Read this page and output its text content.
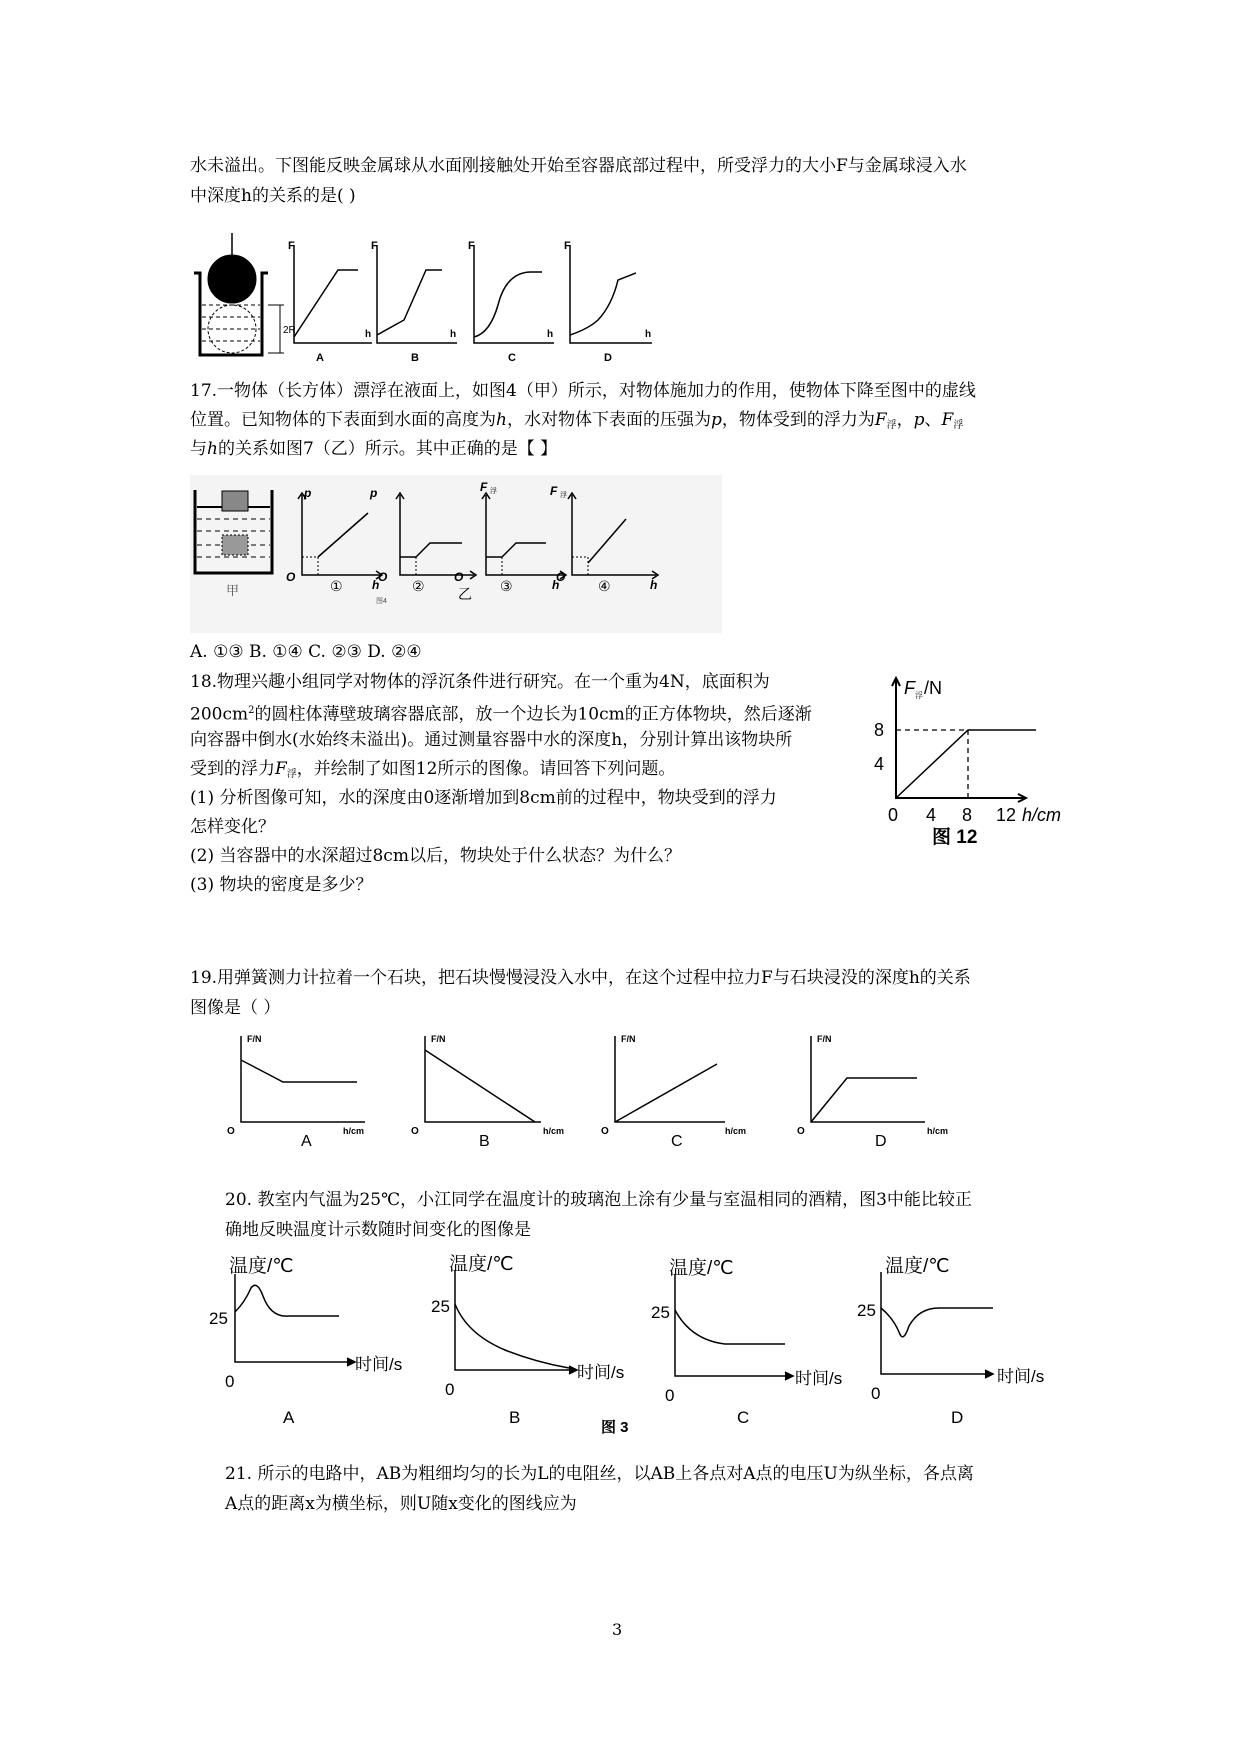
水未溢出。下图能反映金属球从水面刚接触处开始至容器底部过程中，所受浮力的大小F与金属球浸入水
中深度h的关系的是( )
2R
F
h
A
F
h
B
F
h
C
F
h
D
17.一物体（长方体）漂浮在液面上，如图4（甲）所示，对物体施加力的作用，使物体下降至图中的虚线
位置。已知物体的下表面到水面的高度为h，水对物体下表面的压强为p，物体受到的浮力为$F_浮$，p、$F_浮$
与h的关系如图7（乙）所示。其中正确的是【 】
甲
p
O
h
①
p
O
图4
②
F 浮
O
乙
h
③
F 浮
O
h
④
A. ①③ B. ①④ C. ②③ D. ②④
18.物理兴趣小组同学对物体的浮沉条件进行研究。在一个重为4N，底面积为
$200cm^2$的圆柱体薄壁玻璃容器底部，放一个边长为10cm的正方体物块，然后逐渐
向容器中倒水(水始终未溢出)。通过测量容器中水的深度h，分别计算出该物块所
受到的浮力$F_浮$，并绘制了如图12所示的图像。请回答下列问题。
(1) 分析图像可知，水的深度由0逐渐增加到8cm前的过程中，物块受到的浮力
怎样变化？
(2) 当容器中的水深超过8cm以后，物块处于什么状态？为什么？
(3) 物块的密度是多少？
F 浮 /N
8
4
0 4 8 12 h/cm
图 12
19.用弹簧测力计拉着一个石块，把石块慢慢浸没入水中，在这个过程中拉力F与石块浸没的深度h的关系
图像是（ ）
F/N
O	h/cm
A
F/N
O	h/cm
B
F/N
O	h/cm
C
F/N
O	h/cm
D
20. 教室内气温为25℃，小江同学在温度计的玻璃泡上涂有少量与室温相同的酒精，图3中能比较正
确地反映温度计示数随时间变化的图像是
温度/℃
25
0
时间/s
A
温度/℃
25
0
时间/s
B
温度/℃
25
0
时间/s
C
温度/℃
25
0
时间/s
D
图 3
21. 所示的电路中，AB为粗细均匀的长为L的电阻丝，以AB上各点对A点的电压U为纵坐标，各点离
A点的距离x为横坐标，则U随x变化的图线应为
3
